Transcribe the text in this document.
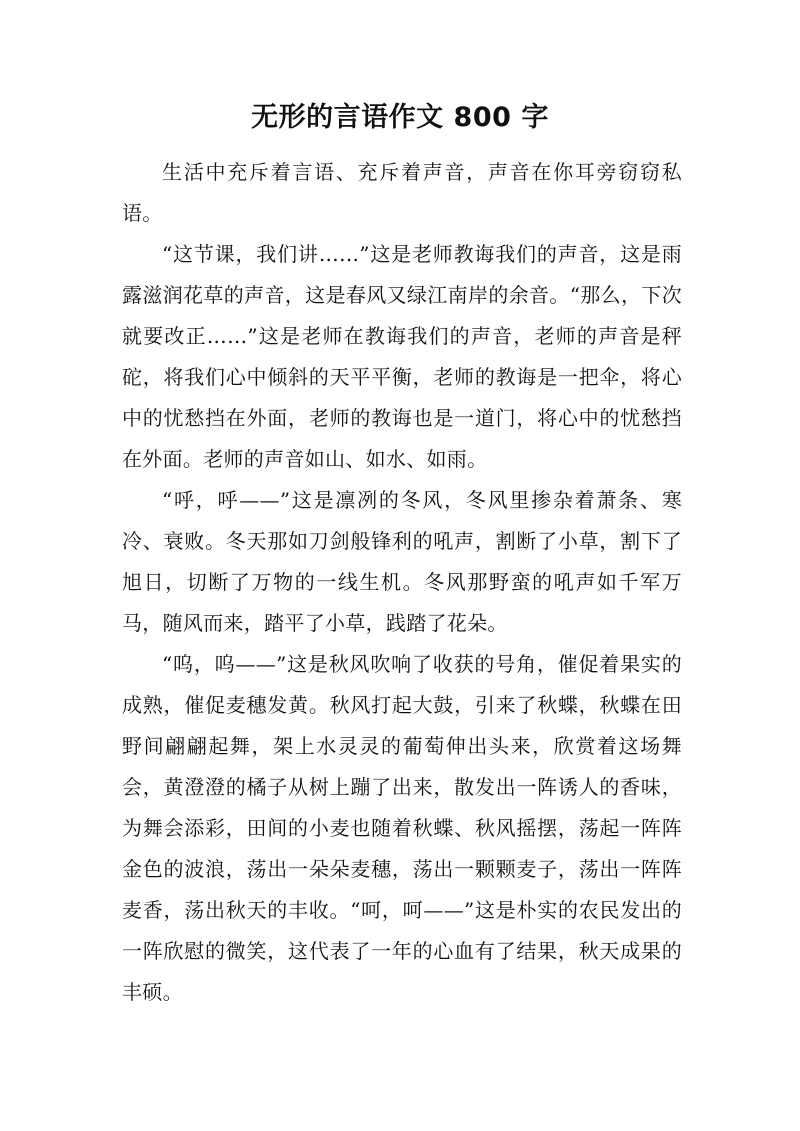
无形的言语作文 800 字

生活中充斥着言语、充斥着声音，声音在你耳旁窃窃私语。

“这节课，我们讲……”这是老师教诲我们的声音，这是雨露滋润花草的声音，这是春风又绿江南岸的余音。“那么，下次就要改正……”这是老师在教诲我们的声音，老师的声音是秤砣，将我们心中倾斜的天平平衡，老师的教诲是一把伞，将心中的忧愁挡在外面，老师的教诲也是一道门，将心中的忧愁挡在外面。老师的声音如山、如水、如雨。

“呼，呼——”这是凛冽的冬风，冬风里掺杂着萧条、寒冷、衰败。冬天那如刀剑般锋利的吼声，割断了小草，割下了旭日，切断了万物的一线生机。冬风那野蛮的吼声如千军万马，随风而来，踏平了小草，践踏了花朵。

“呜，呜——”这是秋风吹响了收获的号角，催促着果实的成熟，催促麦穗发黄。秋风打起大鼓，引来了秋蝶，秋蝶在田野间翩翩起舞，架上水灵灵的葡萄伸出头来，欣赏着这场舞会，黄澄澄的橘子从树上蹦了出来，散发出一阵诱人的香味，为舞会添彩，田间的小麦也随着秋蝶、秋风摇摆，荡起一阵阵金色的波浪，荡出一朵朵麦穗，荡出一颗颗麦子，荡出一阵阵麦香，荡出秋天的丰收。“呵，呵——”这是朴实的农民发出的一阵欣慰的微笑，这代表了一年的心血有了结果，秋天成果的丰硕。
